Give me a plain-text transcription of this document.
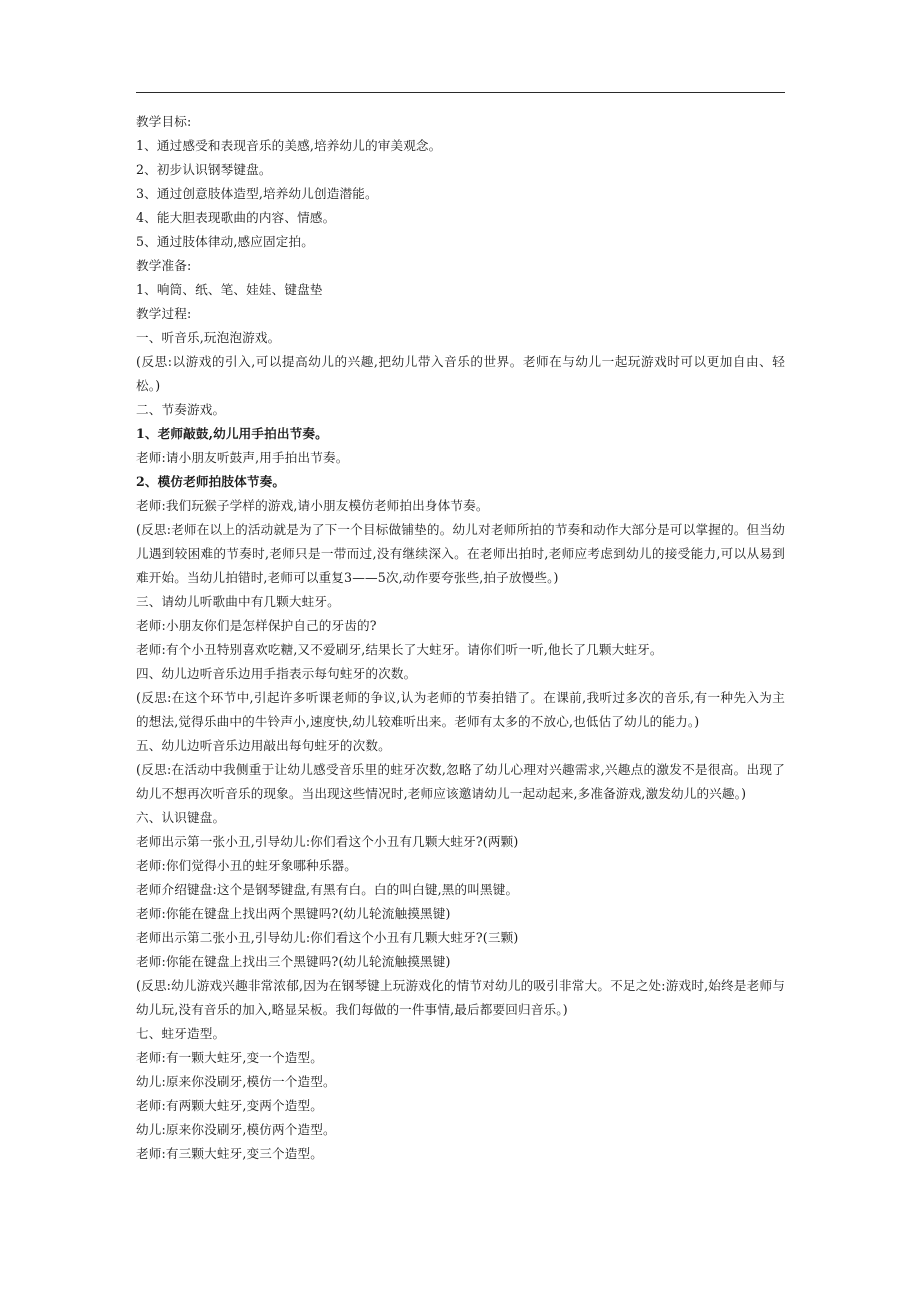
教学目标:

1、通过感受和表现音乐的美感,培养幼儿的审美观念。

2、初步认识钢琴键盘。

3、通过创意肢体造型,培养幼儿创造潜能。

4、能大胆表现歌曲的内容、情感。

5、通过肢体律动,感应固定拍。

教学准备:

1、响筒、纸、笔、娃娃、键盘垫

教学过程:

一、听音乐,玩泡泡游戏。

(反思:以游戏的引入,可以提高幼儿的兴趣,把幼儿带入音乐的世界。老师在与幼儿一起玩游戏时可以更加自由、轻松。)

二、节奏游戏。

1、老师敲鼓,幼儿用手拍出节奏。

老师:请小朋友听鼓声,用手拍出节奏。

2、模仿老师拍肢体节奏。

老师:我们玩猴子学样的游戏,请小朋友模仿老师拍出身体节奏。

(反思:老师在以上的活动就是为了下一个目标做铺垫的。幼儿对老师所拍的节奏和动作大部分是可以掌握的。但当幼儿遇到较困难的节奏时,老师只是一带而过,没有继续深入。在老师出拍时,老师应考虑到幼儿的接受能力,可以从易到难开始。当幼儿拍错时,老师可以重复3——5次,动作要夸张些,拍子放慢些。)

三、请幼儿听歌曲中有几颗大蛀牙。

老师:小朋友你们是怎样保护自己的牙齿的?

老师:有个小丑特别喜欢吃糖,又不爱刷牙,结果长了大蛀牙。请你们听一听,他长了几颗大蛀牙。

四、幼儿边听音乐边用手指表示每句蛀牙的次数。

(反思:在这个环节中,引起许多听课老师的争议,认为老师的节奏拍错了。在课前,我听过多次的音乐,有一种先入为主的想法,觉得乐曲中的牛铃声小,速度快,幼儿较难听出来。老师有太多的不放心,也低估了幼儿的能力。)

五、幼儿边听音乐边用敲出每句蛀牙的次数。

(反思:在活动中我侧重于让幼儿感受音乐里的蛀牙次数,忽略了幼儿心理对兴趣需求,兴趣点的激发不是很高。出现了幼儿不想再次听音乐的现象。当出现这些情况时,老师应该邀请幼儿一起动起来,多准备游戏,激发幼儿的兴趣。)

六、认识键盘。

老师出示第一张小丑,引导幼儿:你们看这个小丑有几颗大蛀牙?(两颗)

老师:你们觉得小丑的蛀牙象哪种乐器。

老师介绍键盘:这个是钢琴键盘,有黑有白。白的叫白键,黑的叫黑键。

老师:你能在键盘上找出两个黑键吗?(幼儿轮流触摸黑键)

老师出示第二张小丑,引导幼儿:你们看这个小丑有几颗大蛀牙?(三颗)

老师:你能在键盘上找出三个黑键吗?(幼儿轮流触摸黑键)

(反思:幼儿游戏兴趣非常浓郁,因为在钢琴键上玩游戏化的情节对幼儿的吸引非常大。不足之处:游戏时,始终是老师与幼儿玩,没有音乐的加入,略显呆板。我们每做的一件事情,最后都要回归音乐。)

七、蛀牙造型。

老师:有一颗大蛀牙,变一个造型。

幼儿:原来你没刷牙,模仿一个造型。

老师:有两颗大蛀牙,变两个造型。

幼儿:原来你没刷牙,模仿两个造型。

老师:有三颗大蛀牙,变三个造型。
